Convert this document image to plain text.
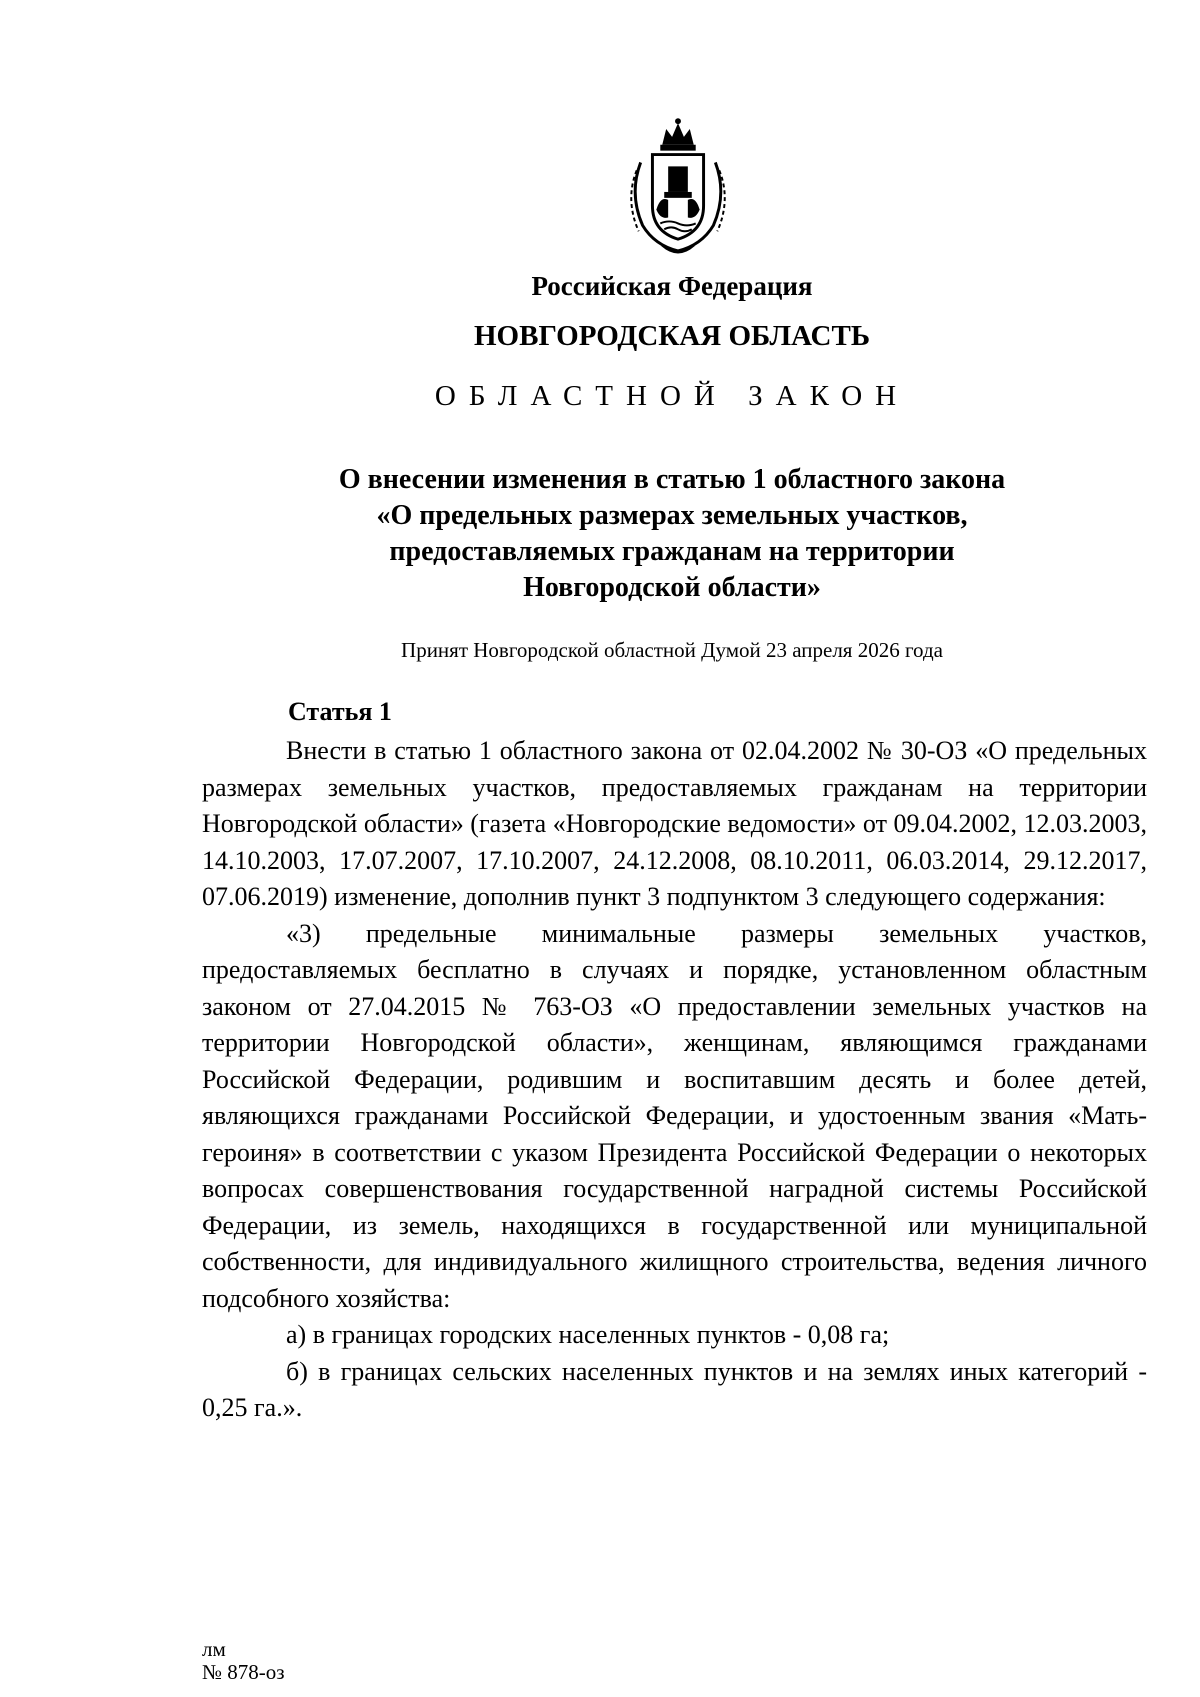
Российская Федерация

НОВГОРОДСКАЯ ОБЛАСТЬ

ОБЛАСТНОЙ ЗАКОН

О внесении изменения в статью 1 областного закона
«О предельных размерах земельных участков,
предоставляемых гражданам на территории
Новгородской области»

Принят Новгородской областной Думой 23 апреля 2026 года

Статья 1

Внести в статью 1 областного закона от 02.04.2002 № 30-ОЗ «О предельных размерах земельных участков, предоставляемых гражданам на территории Новгородской области» (газета «Новгородские ведомости» от 09.04.2002, 12.03.2003, 14.10.2003, 17.07.2007, 17.10.2007, 24.12.2008, 08.10.2011, 06.03.2014, 29.12.2017, 07.06.2019) изменение, дополнив пункт 3 подпунктом 3 следующего содержания:

«3) предельные минимальные размеры земельных участков, предоставляемых бесплатно в случаях и порядке, установленном областным законом от 27.04.2015 № 763-ОЗ «О предоставлении земельных участков на территории Новгородской области», женщинам, являющимся гражданами Российской Федерации, родившим и воспитавшим десять и более детей, являющихся гражданами Российской Федерации, и удостоенным звания «Мать-героиня» в соответствии с указом Президента Российской Федерации о некоторых вопросах совершенствования государственной наградной системы Российской Федерации, из земель, находящихся в государственной или муниципальной собственности, для индивидуального жилищного строительства, ведения личного подсобного хозяйства:

а) в границах городских населенных пунктов - 0,08 га;

б) в границах сельских населенных пунктов и на землях иных категорий - 0,25 га.».

лм
№ 878-оз
